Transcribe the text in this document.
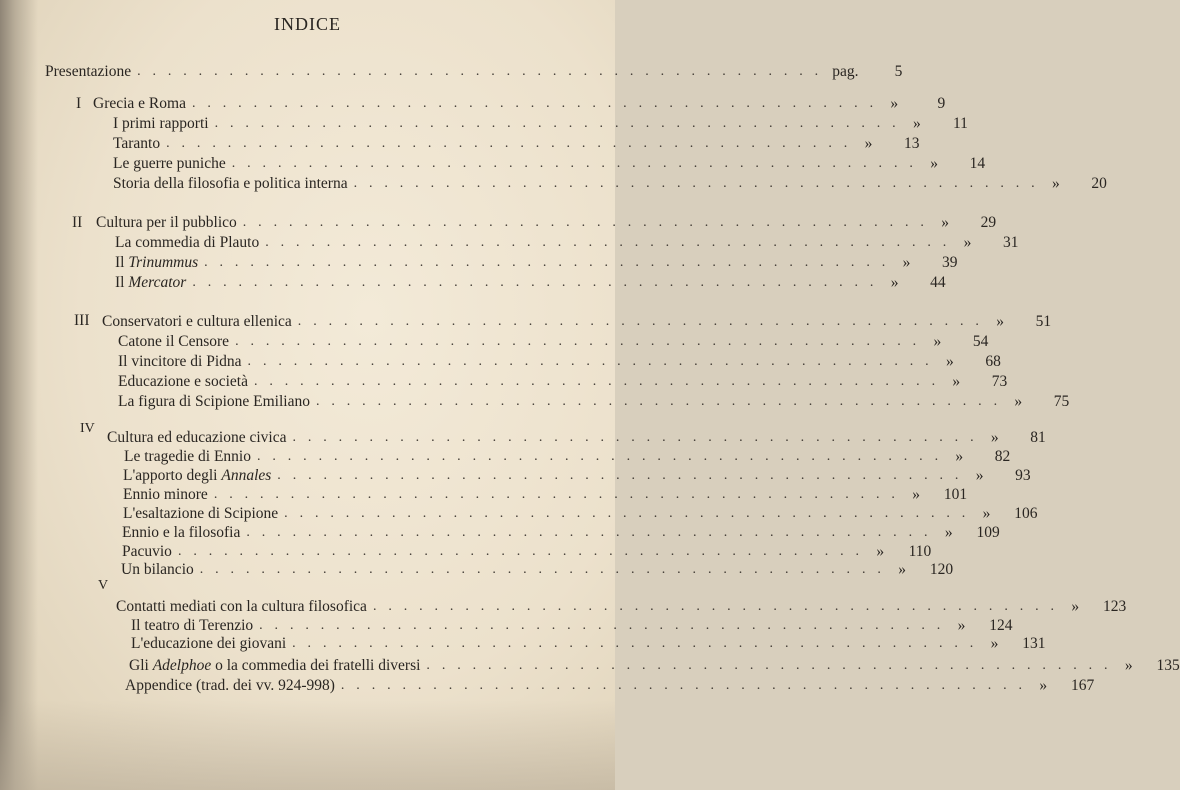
INDICE
Presentazione . . . . . . . . . . . . . . . . . . . . . . . . . . . . . . . . . . . . . . . . . . . . . pag.	5
I Grecia e Roma . . . . . . . . . . . . . . . . . . . . . . . . . . . . . . . . . . . . . . . . . . . . . »	9
I primi rapporti . . . . . . . . . . . . . . . . . . . . . . . . . . . . . . . . . . . . . . . . . . . . . »	11
Taranto . . . . . . . . . . . . . . . . . . . . . . . . . . . . . . . . . . . . . . . . . . . . . »	13
Le guerre puniche . . . . . . . . . . . . . . . . . . . . . . . . . . . . . . . . . . . . . . . . . . . . . »	14
Storia della filosofia e politica interna . . . . . . . . . . . . . . . . . . . . . . . . . . . . . . . . . . . . . . . . . . . . . »	20
II Cultura per il pubblico . . . . . . . . . . . . . . . . . . . . . . . . . . . . . . . . . . . . . . . . . . . . . »	29
La commedia di Plauto . . . . . . . . . . . . . . . . . . . . . . . . . . . . . . . . . . . . . . . . . . . . . »	31
Il Trinummus . . . . . . . . . . . . . . . . . . . . . . . . . . . . . . . . . . . . . . . . . . . . . »	39
Il Mercator . . . . . . . . . . . . . . . . . . . . . . . . . . . . . . . . . . . . . . . . . . . . . »	44
III Conservatori e cultura ellenica . . . . . . . . . . . . . . . . . . . . . . . . . . . . . . . . . . . . . . . . . . . . . »	51
Catone il Censore . . . . . . . . . . . . . . . . . . . . . . . . . . . . . . . . . . . . . . . . . . . . . »	54
Il vincitore di Pidna . . . . . . . . . . . . . . . . . . . . . . . . . . . . . . . . . . . . . . . . . . . . . »	68
Educazione e società . . . . . . . . . . . . . . . . . . . . . . . . . . . . . . . . . . . . . . . . . . . . . »	73
La figura di Scipione Emiliano . . . . . . . . . . . . . . . . . . . . . . . . . . . . . . . . . . . . . . . . . . . . . »	75
IV
Cultura ed educazione civica . . . . . . . . . . . . . . . . . . . . . . . . . . . . . . . . . . . . . . . . . . . . . »	81
Le tragedie di Ennio . . . . . . . . . . . . . . . . . . . . . . . . . . . . . . . . . . . . . . . . . . . . . »	82
L'apporto degli Annales . . . . . . . . . . . . . . . . . . . . . . . . . . . . . . . . . . . . . . . . . . . . . »	93
Ennio minore . . . . . . . . . . . . . . . . . . . . . . . . . . . . . . . . . . . . . . . . . . . . . »	101
L'esaltazione di Scipione . . . . . . . . . . . . . . . . . . . . . . . . . . . . . . . . . . . . . . . . . . . . . »	106
Ennio e la filosofia . . . . . . . . . . . . . . . . . . . . . . . . . . . . . . . . . . . . . . . . . . . . . »	109
Pacuvio . . . . . . . . . . . . . . . . . . . . . . . . . . . . . . . . . . . . . . . . . . . . . »	110
Un bilancio . . . . . . . . . . . . . . . . . . . . . . . . . . . . . . . . . . . . . . . . . . . . . »	120
V
Contatti mediati con la cultura filosofica . . . . . . . . . . . . . . . . . . . . . . . . . . . . . . . . . . . . . . . . . . . . . »	123
Il teatro di Terenzio . . . . . . . . . . . . . . . . . . . . . . . . . . . . . . . . . . . . . . . . . . . . . »	124
L'educazione dei giovani . . . . . . . . . . . . . . . . . . . . . . . . . . . . . . . . . . . . . . . . . . . . . »	131
Gli Adelphoe o la commedia dei fratelli diversi . . . . . . . . . . . . . . . . . . . . . . . . . . . . . . . . . . . . . . . . . . . . . »	135
Appendice (trad. dei vv. 924-998) . . . . . . . . . . . . . . . . . . . . . . . . . . . . . . . . . . . . . . . . . . . . . »	167
